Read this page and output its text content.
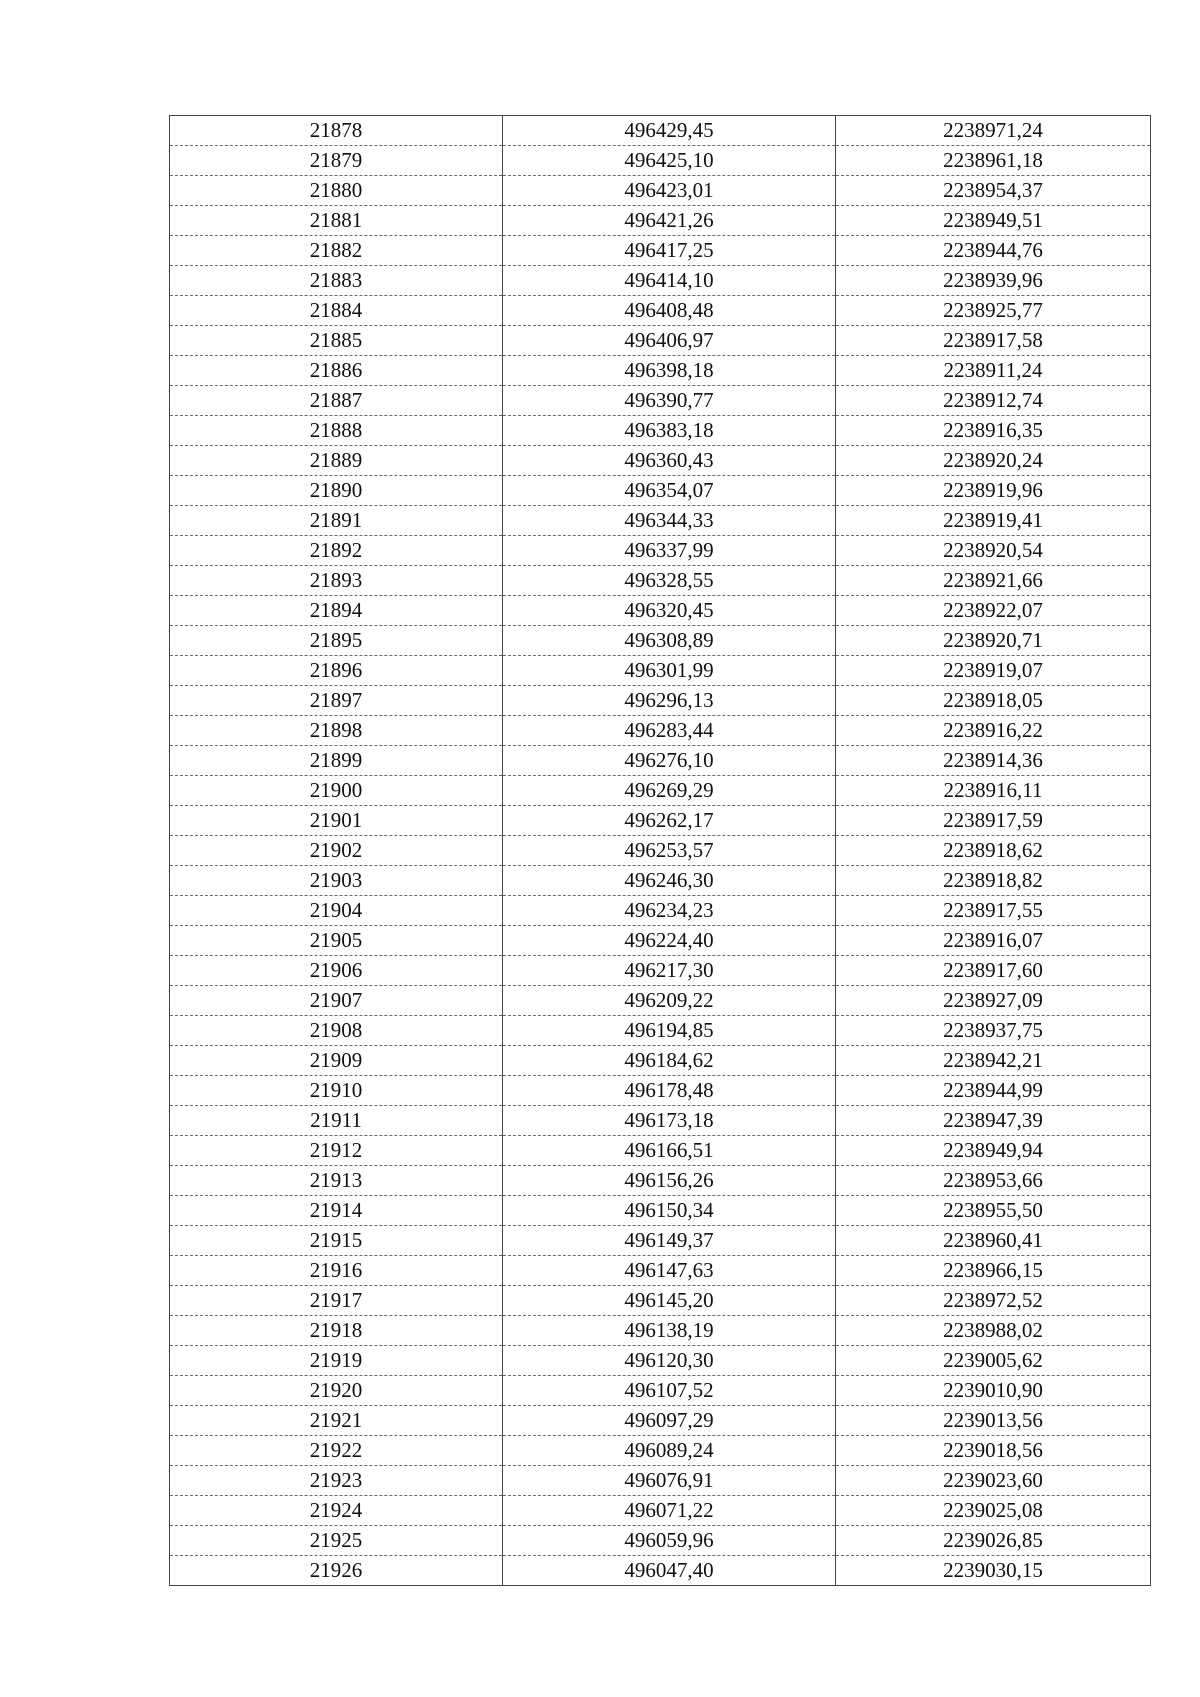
21878	496429,45	2238971,24
21879	496425,10	2238961,18
21880	496423,01	2238954,37
21881	496421,26	2238949,51
21882	496417,25	2238944,76
21883	496414,10	2238939,96
21884	496408,48	2238925,77
21885	496406,97	2238917,58
21886	496398,18	2238911,24
21887	496390,77	2238912,74
21888	496383,18	2238916,35
21889	496360,43	2238920,24
21890	496354,07	2238919,96
21891	496344,33	2238919,41
21892	496337,99	2238920,54
21893	496328,55	2238921,66
21894	496320,45	2238922,07
21895	496308,89	2238920,71
21896	496301,99	2238919,07
21897	496296,13	2238918,05
21898	496283,44	2238916,22
21899	496276,10	2238914,36
21900	496269,29	2238916,11
21901	496262,17	2238917,59
21902	496253,57	2238918,62
21903	496246,30	2238918,82
21904	496234,23	2238917,55
21905	496224,40	2238916,07
21906	496217,30	2238917,60
21907	496209,22	2238927,09
21908	496194,85	2238937,75
21909	496184,62	2238942,21
21910	496178,48	2238944,99
21911	496173,18	2238947,39
21912	496166,51	2238949,94
21913	496156,26	2238953,66
21914	496150,34	2238955,50
21915	496149,37	2238960,41
21916	496147,63	2238966,15
21917	496145,20	2238972,52
21918	496138,19	2238988,02
21919	496120,30	2239005,62
21920	496107,52	2239010,90
21921	496097,29	2239013,56
21922	496089,24	2239018,56
21923	496076,91	2239023,60
21924	496071,22	2239025,08
21925	496059,96	2239026,85
21926	496047,40	2239030,15
